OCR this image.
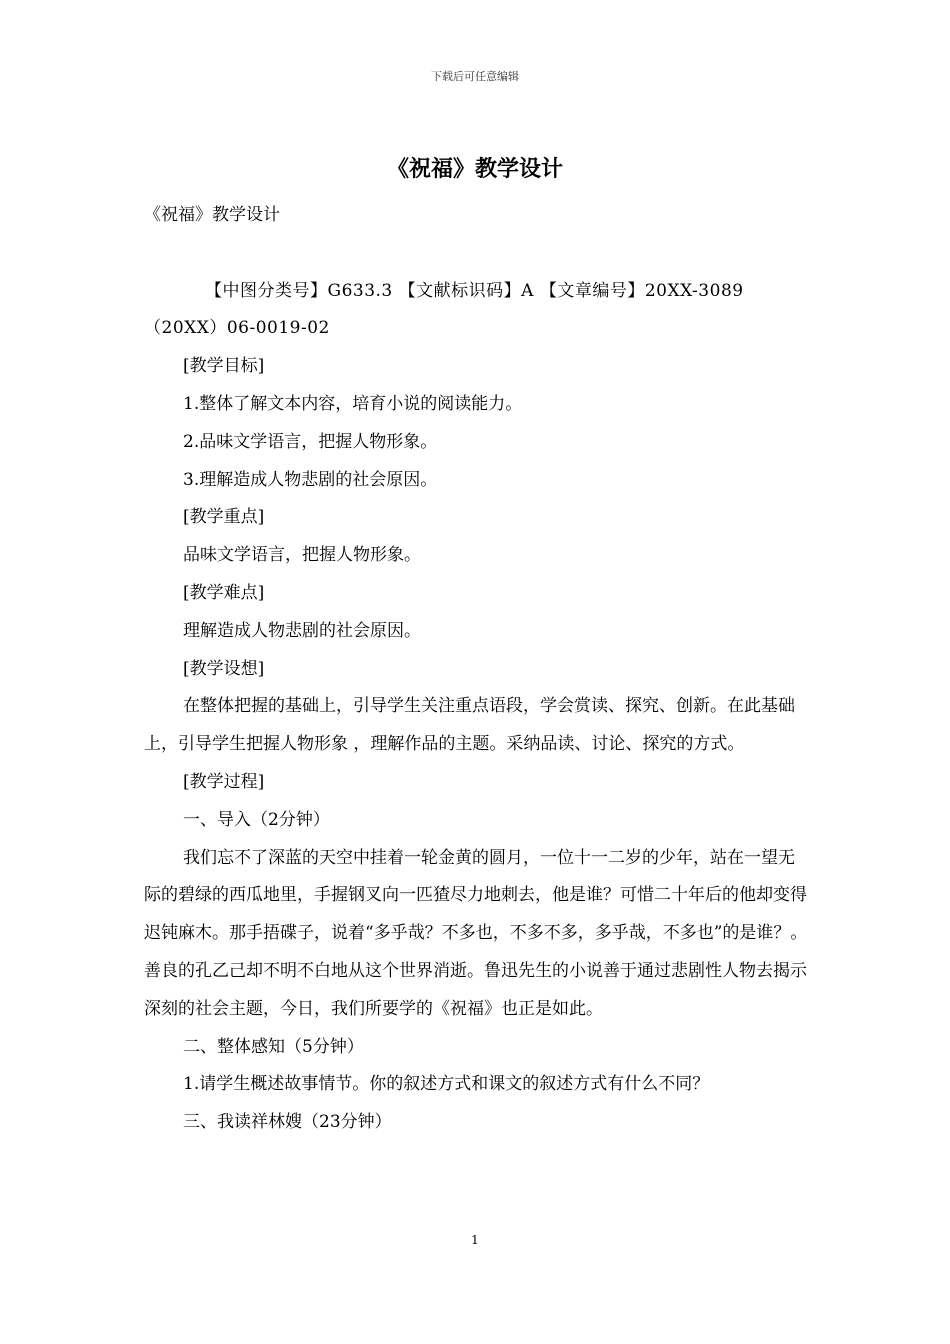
下载后可任意编辑
《祝福》教学设计

《祝福》教学设计

【中图分类号】G633.3 【文献标识码】A 【文章编号】20XX-3089（20XX）06-0019-02

[教学目标]

1.整体了解文本内容，培育小说的阅读能力。

2.品味文学语言，把握人物形象。

3.理解造成人物悲剧的社会原因。

[教学重点]

品味文学语言，把握人物形象。

[教学难点]

理解造成人物悲剧的社会原因。

[教学设想]

在整体把握的基础上，引导学生关注重点语段，学会赏读、探究、创新。在此基础上，引导学生把握人物形象 ，理解作品的主题。采纳品读、讨论、探究的方式。

[教学过程]

一、导入（2分钟）

我们忘不了深蓝的天空中挂着一轮金黄的圆月，一位十一二岁的少年，站在一望无际的碧绿的西瓜地里，手握钢叉向一匹猹尽力地刺去，他是谁？可惜二十年后的他却变得迟钝麻木。那手捂碟子，说着“多乎哉？不多也，不多不多，多乎哉，不多也”的是谁？。善良的孔乙己却不明不白地从这个世界消逝。鲁迅先生的小说善于通过悲剧性人物去揭示深刻的社会主题，今日，我们所要学的《祝福》也正是如此。

二、整体感知（5分钟）

1.请学生概述故事情节。你的叙述方式和课文的叙述方式有什么不同？

三、我读祥林嫂（23分钟）

1
